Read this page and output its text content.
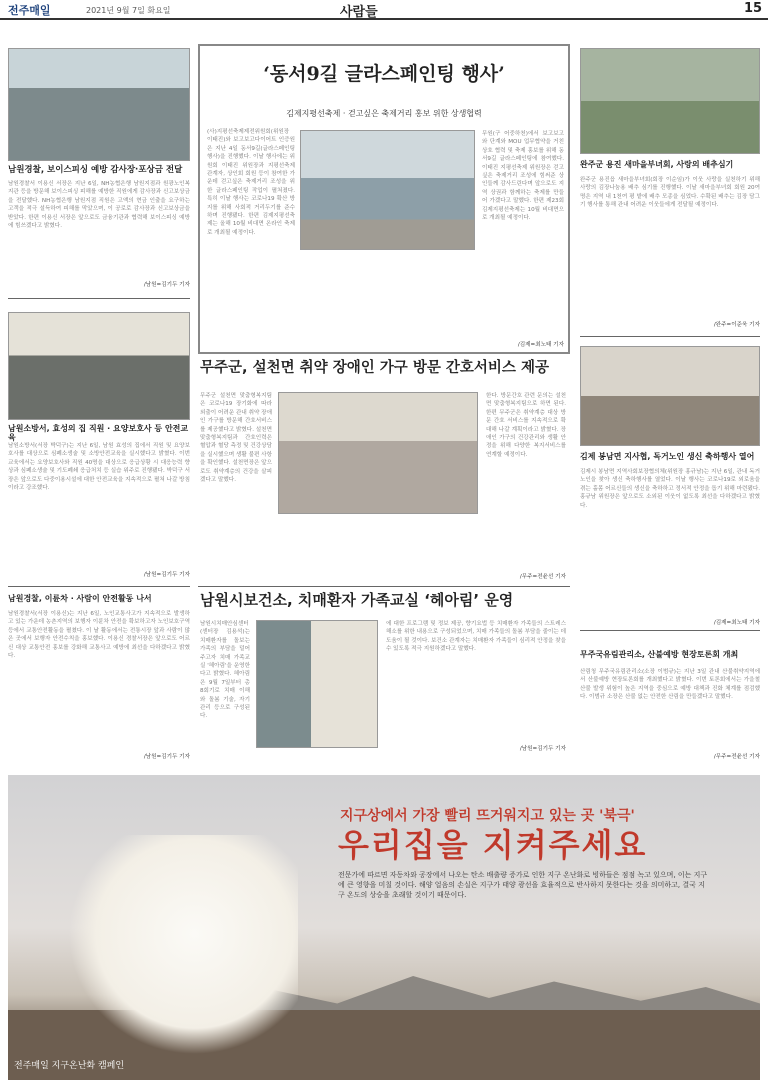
전주매일	2021년 9월 7일 화요일	사람들	15
남원경찰, 보이스피싱 예방 감사장·포상금 전달
남원경찰서 이용신 서장은 지난 6일, NH농협은행 남원지점과 원광노인복지관 등을 방문해 보이스피싱 피해를 예방한 직원에게 감사장과 신고보상금을 전달했다. NH농협은행 남원지점 직원은 고액의 현금 인출을 요구하는 고객을 적극 설득하여 피해를 막았으며, 이 공로로 감사장과 신고보상금을 받았다. 한편 이용신 서장은 앞으로도 금융기관과 협력해 보이스피싱 예방에 힘쓰겠다고 밝혔다.
/남원=김기두 기자
남원소방서, 효성의 집 직원 · 요양보호사 등 안전교육
남원소방서(서장 박덕구)는 지난 6일, 남원 효성의 집에서 직원 및 요양보호사를 대상으로 심폐소생술 및 소방안전교육을 실시했다고 밝혔다. 이번 교육에서는 요양보호사와 직원 40명을 대상으로 응급상황 시 대응능력 향상과 심폐소생술 및 기도폐쇄 응급처치 등 실습 위주로 진행됐다. 박덕구 서장은 앞으로도 다중이용시설에 대한 안전교육을 지속적으로 펼쳐 나갈 방침이라고 강조했다.
/남원=김기두 기자
남원경찰, 이륜차 · 사람이 안전활동 나서
남원경찰서(서장 이용신)는 지난 6일, 노인교통사고가 지속적으로 발생하고 있는 가운데 농촌지역의 보행자 이륜차 안전을 확보하고자 노인보호구역 등에서 교통안전활동을 펼쳤다. 이 날 활동에서는 전통시장 앞과 사람이 많은 곳에서 보행자 안전수칙을 홍보했다. 이용신 경찰서장은 앞으로도 어르신 대상 교통안전 홍보를 강화해 교통사고 예방에 최선을 다하겠다고 밝혔다.
/남원=김기두 기자
‘동서9길 글라스페인팅 행사’
김제지평선축제 · 걷고싶은 축제거리 홍보 위한 상생협력
(사)지평선축제제전위원회(위원장 이태진)와 보고보고다이어트 인증원은 지난 4일 동서9길(글라스페인팅 행사)을 진행했다. 이날 행사에는 위원회 이태진 위원장과 지평선축제 관계자, 상인회 회원 등이 참여한 가운데 걷고싶은 축제거리 조성을 위한 글라스페인팅 작업이 펼쳐졌다. 특히 이날 행사는 코로나19 확산 방지를 위해 사회적 거리두기를 준수하며 진행됐다. 한편 김제지평선축제는 올해 10월 비대면 온라인 축제로 개최될 예정이다.
무원(구 어중하천)에서 보고보고와 단계와 MOU 업무협약을 거친 상호 협력 및 축제 홍보를 위해 동서9길 글라스페인팅에 참여했다. 이태진 지평선축제 위원장은 걷고싶은 축제거리 조성에 힘써준 상인들께 감사드린다며 앞으로도 지역 상권과 함께하는 축제를 만들어 가겠다고 말했다. 한편 제23회 김제지평선축제는 10월 비대면으로 개최될 예정이다.
/김제=최노태 기자
무주군, 설천면 취약 장애인 가구 방문 간호서비스 제공
무주군 설천면 맞춤형복지팀은 코로나19 장기화에 따라 외출이 어려운 관내 취약 장애인 가구를 방문해 간호서비스를 제공했다고 밝혔다. 설천면 맞춤형복지팀과 간호인력은 혈압과 혈당 측정 및 건강상담을 실시했으며 생활 불편 사항을 확인했다. 설천면장은 앞으로도 취약계층의 건강을 살피겠다고 말했다.
한다. 방문간호 관련 문의는 설천면 맞춤형복지팀으로 하면 된다. 한편 무주군은 취약계층 대상 방문 간호 서비스를 지속적으로 확대해 나갈 계획이라고 밝혔다. 장애인 가구의 건강관리와 생활 안정을 위해 다양한 복지서비스를 연계할 예정이다.
/무주=전윤선 기자
남원시보건소, 치매환자 가족교실 ‘헤아림’ 운영
남원시치매안심센터(센터장 김용석)는 치매환자를 돌보는 가족의 부담을 덜어주고자 치매 가족교실 '헤아림'을 운영한다고 밝혔다. 헤아림은 9월 7일부터 총 8회기로 치매 이해와 돌봄 기술, 자기관리 등으로 구성된다.
에 대한 프로그램 및 정보 제공, 향기요법 등 치매환자 가족들의 스트레스 해소를 위한 내용으로 구성되었으며, 치매 가족들의 돌봄 부담을 줄이는 데 도움이 될 것이다. 보건소 관계자는 치매환자 가족들이 심리적 안정을 찾을 수 있도록 적극 지원하겠다고 말했다.
/남원=김기두 기자
완주군 용진 새마을부녀회, 사랑의 배추심기
완주군 용진읍 새마을부녀회(회장 이순임)가 이웃 사랑을 실천하기 위해 사랑의 김장나눔용 배추 심기를 진행했다. 이날 새마을부녀회 회원 20여 명은 지역 내 1천여 평 밭에 배추 모종을 심었다. 수확된 배추는 김장 담그기 행사를 통해 관내 어려운 이웃들에게 전달될 예정이다.
/완주=이준욱 기자
김제 봉남면 지사협, 독거노인 생신 축하행사 열어
김제시 봉남면 지역사회보장협의체(위원장 홍규남)는 지난 6일, 관내 독거노인을 찾아 생신 축하행사를 열었다. 이날 행사는 코로나19로 외로움을 겪는 홀몸 어르신들의 생신을 축하하고 정서적 안정을 돕기 위해 마련됐다. 홍규남 위원장은 앞으로도 소외된 이웃이 없도록 최선을 다하겠다고 밝혔다.
/김제=최노태 기자
무주국유림관리소, 산불예방 현장토론회 개최
산림청 무주국유림관리소(소장 이범규)는 지난 3일 관내 산불취약지역에서 산불예방 현장토론회를 개최했다고 밝혔다. 이번 토론회에서는 가을철 산불 발생 위험이 높은 지역을 중심으로 예방 대책과 진화 체계를 점검했다. 이범규 소장은 산불 없는 안전한 산림을 만들겠다고 말했다.
/무주=전윤선 기자
지구상에서 가장 빨리 뜨거워지고 있는 곳 '북극'
우리집을 지켜주세요
전문가에 따르면 자동차와 공장에서 나오는 탄소 배출량 증가로 인한 지구 온난화로 빙하들은 점점 녹고 있으며, 이는 지구에 큰 영향을 미칠 것이다. 해양 얼음의 손실은 지구가 태양 광선을 효율적으로 반사하지 못한다는 것을 의미하고, 결국 지구 온도의 상승을 초래할 것이기 때문이다.
전주매일 지구온난화 캠페인
